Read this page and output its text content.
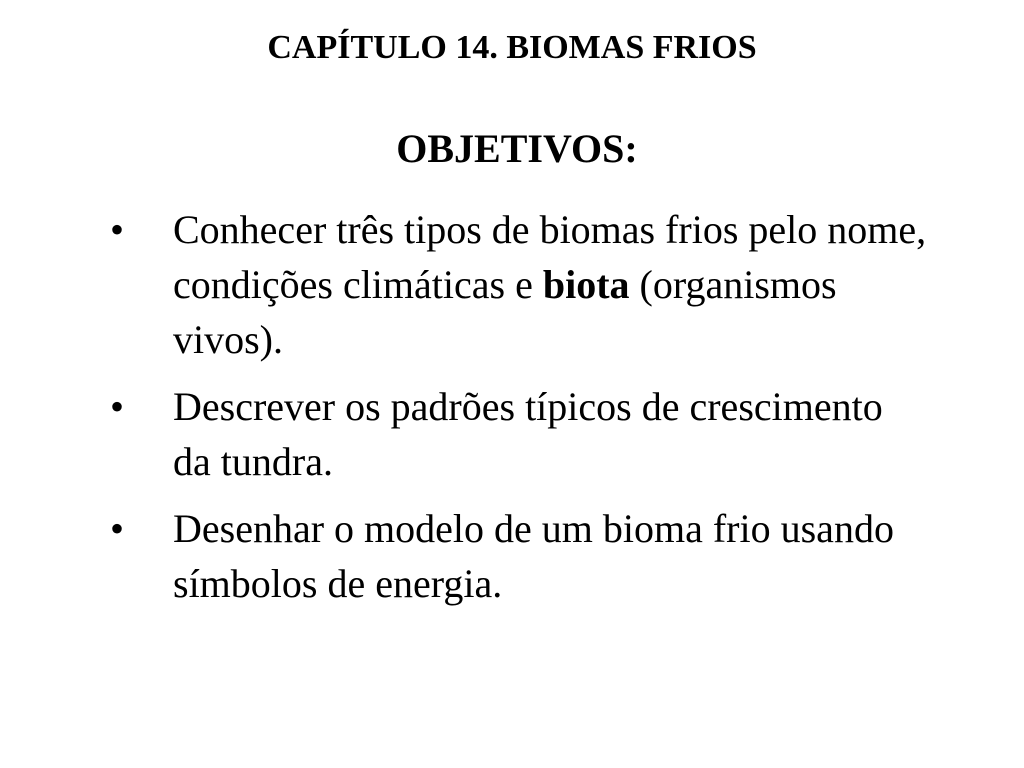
CAPÍTULO 14. BIOMAS FRIOS
OBJETIVOS:
• Conhecer três tipos de biomas frios pelo nome, condições climáticas e biota (organismos vivos).
• Descrever os padrões típicos de crescimento da tundra.
• Desenhar o modelo de um bioma frio usando símbolos de energia.
